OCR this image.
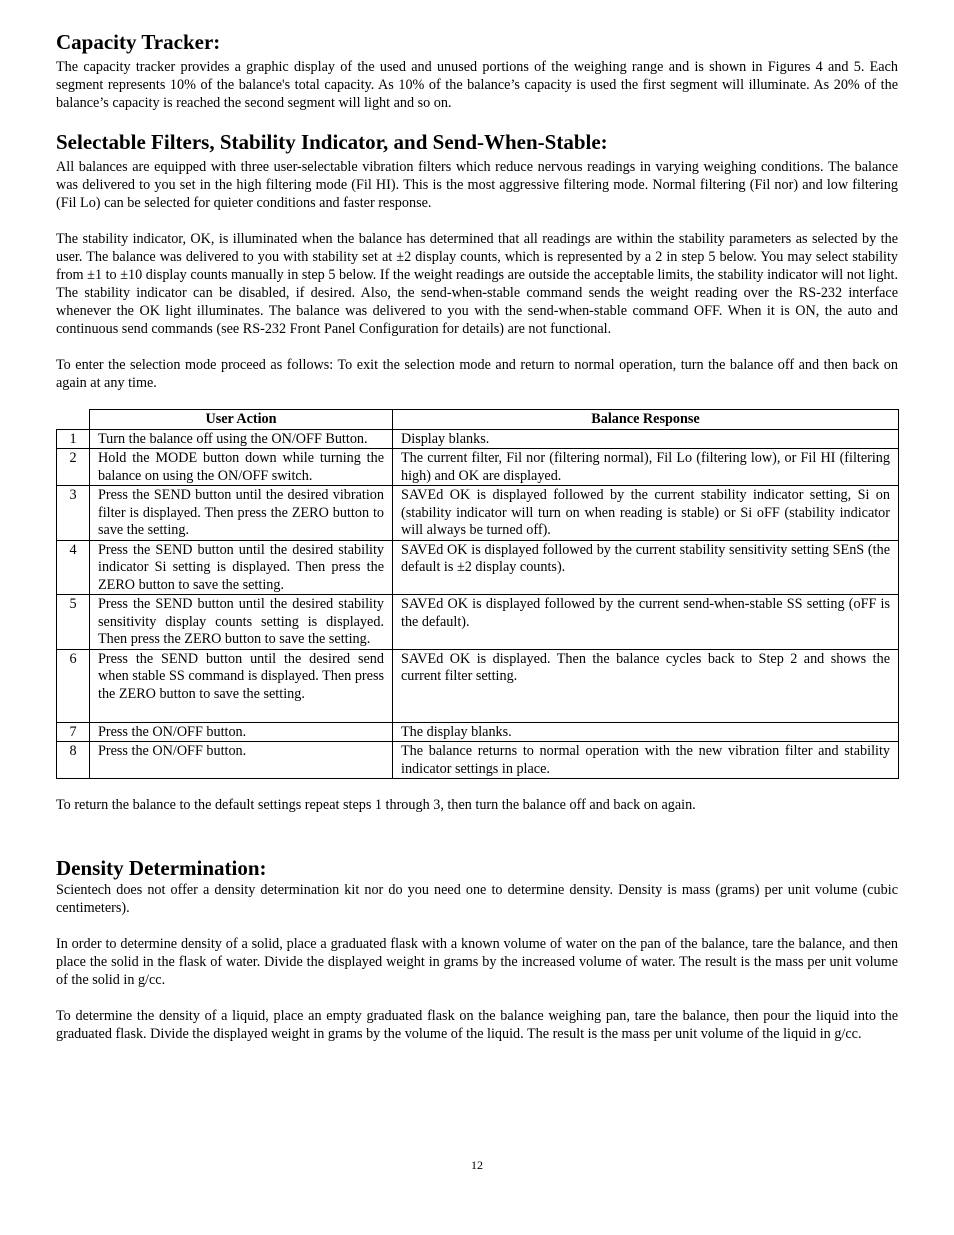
Capacity Tracker:

The capacity tracker provides a graphic display of the used and unused portions of the weighing range and is shown in Figures 4 and 5. Each segment represents 10% of the balance's total capacity. As 10% of the balance’s capacity is used the first segment will illuminate. As 20% of the balance’s capacity is reached the second segment will light and so on.

Selectable Filters, Stability Indicator, and Send-When-Stable:

All balances are equipped with three user-selectable vibration filters which reduce nervous readings in varying weighing conditions. The balance was delivered to you set in the high filtering mode (Fil HI). This is the most aggressive filtering mode. Normal filtering (Fil nor) and low filtering (Fil Lo) can be selected for quieter conditions and faster response.

The stability indicator, OK, is illuminated when the balance has determined that all readings are within the stability parameters as selected by the user. The balance was delivered to you with stability set at ±2 display counts, which is represented by a 2 in step 5 below. You may select stability from ±1 to ±10 display counts manually in step 5 below. If the weight readings are outside the acceptable limits, the stability indicator will not light. The stability indicator can be disabled, if desired. Also, the send-when-stable command sends the weight reading over the RS-232 interface whenever the OK light illuminates. The balance was delivered to you with the send-when-stable command OFF. When it is ON, the auto and continuous send commands (see RS-232 Front Panel Configuration for details) are not functional.

To enter the selection mode proceed as follows: To exit the selection mode and return to normal operation, turn the balance off and then back on again at any time.

	User Action	Balance Response
1	Turn the balance off using the ON/OFF Button.	Display blanks.
2	Hold the MODE button down while turning the balance on using the ON/OFF switch.	The current filter, Fil nor (filtering normal), Fil Lo (filtering low), or Fil HI (filtering high) and OK are displayed.
3	Press the SEND button until the desired vibration filter is displayed. Then press the ZERO button to save the setting.	SAVEd OK is displayed followed by the current stability indicator setting, Si on (stability indicator will turn on when reading is stable) or Si oFF (stability indicator will always be turned off).
4	Press the SEND button until the desired stability indicator Si setting is displayed. Then press the ZERO button to save the setting.	SAVEd OK is displayed followed by the current stability sensitivity setting SEnS (the default is ±2 display counts).
5	Press the SEND button until the desired stability sensitivity display counts setting is displayed. Then press the ZERO button to save the setting.	SAVEd OK is displayed followed by the current send-when-stable SS setting (oFF is the default).
6	Press the SEND button until the desired send when stable SS command is displayed. Then press the ZERO button to save the setting.	SAVEd OK is displayed. Then the balance cycles back to Step 2 and shows the current filter setting.
7	Press the ON/OFF button.	The display blanks.
8	Press the ON/OFF button.	The balance returns to normal operation with the new vibration filter and stability indicator settings in place.

To return the balance to the default settings repeat steps 1 through 3, then turn the balance off and back on again.

Density Determination:

Scientech does not offer a density determination kit nor do you need one to determine density. Density is mass (grams) per unit volume (cubic centimeters).

In order to determine density of a solid, place a graduated flask with a known volume of water on the pan of the balance, tare the balance, and then place the solid in the flask of water. Divide the displayed weight in grams by the increased volume of water. The result is the mass per unit volume of the solid in g/cc.

To determine the density of a liquid, place an empty graduated flask on the balance weighing pan, tare the balance, then pour the liquid into the graduated flask. Divide the displayed weight in grams by the volume of the liquid. The result is the mass per unit volume of the liquid in g/cc.

12
